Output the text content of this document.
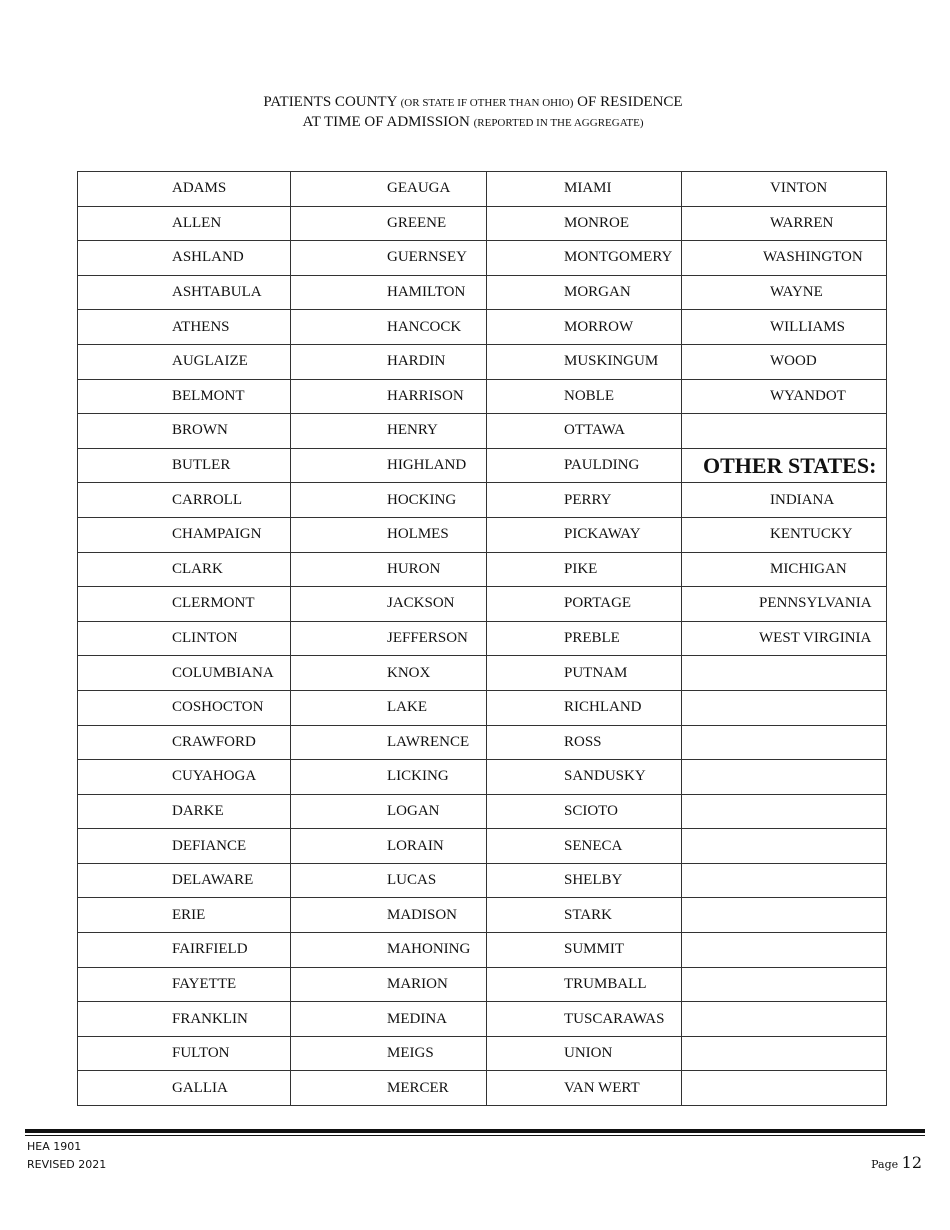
PATIENTS COUNTY (OR STATE IF OTHER THAN OHIO) OF RESIDENCE
AT TIME OF ADMISSION (REPORTED IN THE AGGREGATE)
ADAMS	GEAUGA	MIAMI	VINTON
ALLEN	GREENE	MONROE	WARREN
ASHLAND	GUERNSEY	MONTGOMERY	WASHINGTON
ASHTABULA	HAMILTON	MORGAN	WAYNE
ATHENS	HANCOCK	MORROW	WILLIAMS
AUGLAIZE	HARDIN	MUSKINGUM	WOOD
BELMONT	HARRISON	NOBLE	WYANDOT
BROWN	HENRY	OTTAWA	
BUTLER	HIGHLAND	PAULDING	OTHER STATES:
CARROLL	HOCKING	PERRY	INDIANA
CHAMPAIGN	HOLMES	PICKAWAY	KENTUCKY
CLARK	HURON	PIKE	MICHIGAN
CLERMONT	JACKSON	PORTAGE	PENNSYLVANIA
CLINTON	JEFFERSON	PREBLE	WEST VIRGINIA
COLUMBIANA	KNOX	PUTNAM	
COSHOCTON	LAKE	RICHLAND	
CRAWFORD	LAWRENCE	ROSS	
CUYAHOGA	LICKING	SANDUSKY	
DARKE	LOGAN	SCIOTO	
DEFIANCE	LORAIN	SENECA	
DELAWARE	LUCAS	SHELBY	
ERIE	MADISON	STARK	
FAIRFIELD	MAHONING	SUMMIT	
FAYETTE	MARION	TRUMBALL	
FRANKLIN	MEDINA	TUSCARAWAS	
FULTON	MEIGS	UNION	
GALLIA	MERCER	VAN WERT	
HEA 1901
REVISED 2021	Page 12
